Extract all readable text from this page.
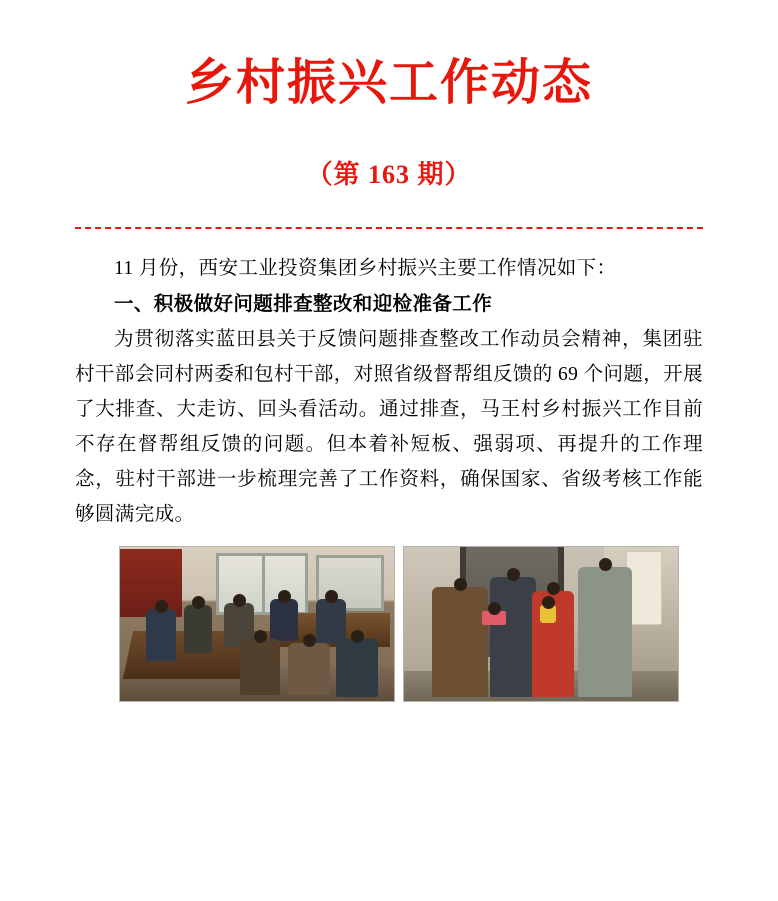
乡村振兴工作动态
（第 163 期）

11 月份，西安工业投资集团乡村振兴主要工作情况如下：

一、积极做好问题排查整改和迎检准备工作

为贯彻落实蓝田县关于反馈问题排查整改工作动员会精神，集团驻村干部会同村两委和包村干部，对照省级督帮组反馈的 69 个问题，开展了大排查、大走访、回头看活动。通过排查，马王村乡村振兴工作目前不存在督帮组反馈的问题。但本着补短板、强弱项、再提升的工作理念，驻村干部进一步梳理完善了工作资料，确保国家、省级考核工作能够圆满完成。
